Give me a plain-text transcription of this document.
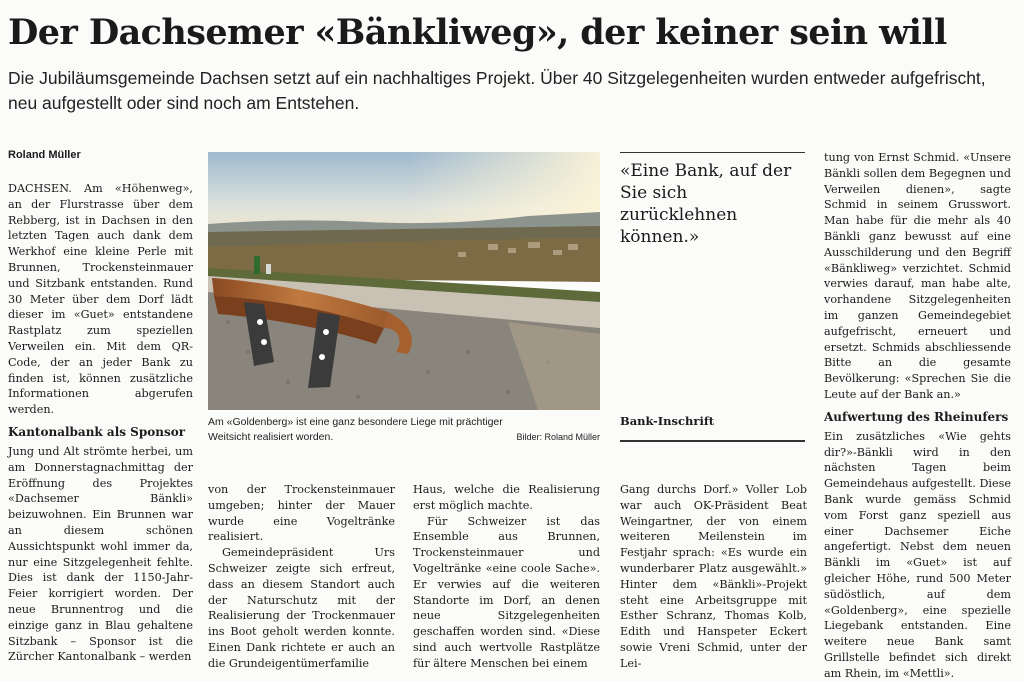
Der Dachsemer «Bänkliweg», der keiner sein will
Die Jubiläumsgemeinde Dachsen setzt auf ein nachhaltiges Projekt. Über 40 Sitzgelegenheiten wurden entweder aufgefrischt, neu aufgestellt oder sind noch am Entstehen.
Roland Müller

DACHSEN. Am «Höhenweg», an der Flurstrasse über dem Rebberg, ist in Dachsen in den letzten Tagen auch dank dem Werkhof eine kleine Perle mit Brunnen, Trockensteinmauer und Sitzbank entstanden. Rund 30 Meter über dem Dorf lädt dieser im «Guet» entstandene Rastplatz zum speziellen Verweilen ein. Mit dem QR-Code, der an jeder Bank zu finden ist, können zusätzliche Informationen abgerufen werden.

Kantonalbank als Sponsor

Jung und Alt strömte herbei, um am Donnerstagnachmittag der Eröffnung des Projektes «Dachsemer Bänkli» beizuwohnen. Ein Brunnen war an diesem schönen Aussichtspunkt wohl immer da, nur eine Sitzgelegenheit fehlte. Dies ist dank der 1150-Jahr-Feier korrigiert worden. Der neue Brunnentrog und die einzige ganz in Blau gehaltene Sitzbank – Sponsor ist die Zürcher Kantonalbank – werden

Am «Goldenberg» ist eine ganz besondere Liege mit prächtiger Weitsicht realisiert worden.	Bilder: Roland Müller

von der Trockensteinmauer umgeben; hinter der Mauer wurde eine Vogeltränke realisiert.

Gemeindepräsident Urs Schweizer zeigte sich erfreut, dass an diesem Standort auch der Naturschutz mit der Realisierung der Trockenmauer ins Boot geholt werden konnte. Einen Dank richtete er auch an die Grundeigentümerfamilie

Haus, welche die Realisierung erst möglich machte.

Für Schweizer ist das Ensemble aus Brunnen, Trockensteinmauer und Vogeltränke «eine coole Sache». Er verwies auf die weiteren Standorte im Dorf, an denen neue Sitzgelegenheiten geschaffen worden sind. «Diese sind auch wertvolle Rastplätze für ältere Menschen bei einem

«Eine Bank, auf der Sie sich zurücklehnen können.»
Bank-Inschrift

Gang durchs Dorf.» Voller Lob war auch OK-Präsident Beat Weingartner, der von einem weiteren Meilenstein im Festjahr sprach: «Es wurde ein wunderbarer Platz ausgewählt.» Hinter dem «Bänkli»-Projekt steht eine Arbeitsgruppe mit Esther Schranz, Thomas Kolb, Edith und Hanspeter Eckert sowie Vreni Schmid, unter der Lei-

tung von Ernst Schmid. «Unsere Bänkli sollen dem Begegnen und Verweilen dienen», sagte Schmid in seinem Grusswort. Man habe für die mehr als 40 Bänkli ganz bewusst auf eine Ausschilderung und den Begriff «Bänkliweg» verzichtet. Schmid verwies darauf, man habe alte, vorhandene Sitzgelegenheiten im ganzen Gemeindegebiet aufgefrischt, erneuert und ersetzt. Schmids abschliessende Bitte an die gesamte Bevölkerung: «Sprechen Sie die Leute auf der Bank an.»

Aufwertung des Rheinufers

Ein zusätzliches «Wie gehts dir?»-Bänkli wird in den nächsten Tagen beim Gemeindehaus aufgestellt. Diese Bank wurde gemäss Schmid vom Forst ganz speziell aus einer Dachsemer Eiche angefertigt. Nebst dem neuen Bänkli im «Guet» ist auf gleicher Höhe, rund 500 Meter südöstlich, auf dem «Goldenberg», eine spezielle Liegebank entstanden. Eine weitere neue Bank samt Grillstelle befindet sich direkt am Rhein, im «Mettli».
